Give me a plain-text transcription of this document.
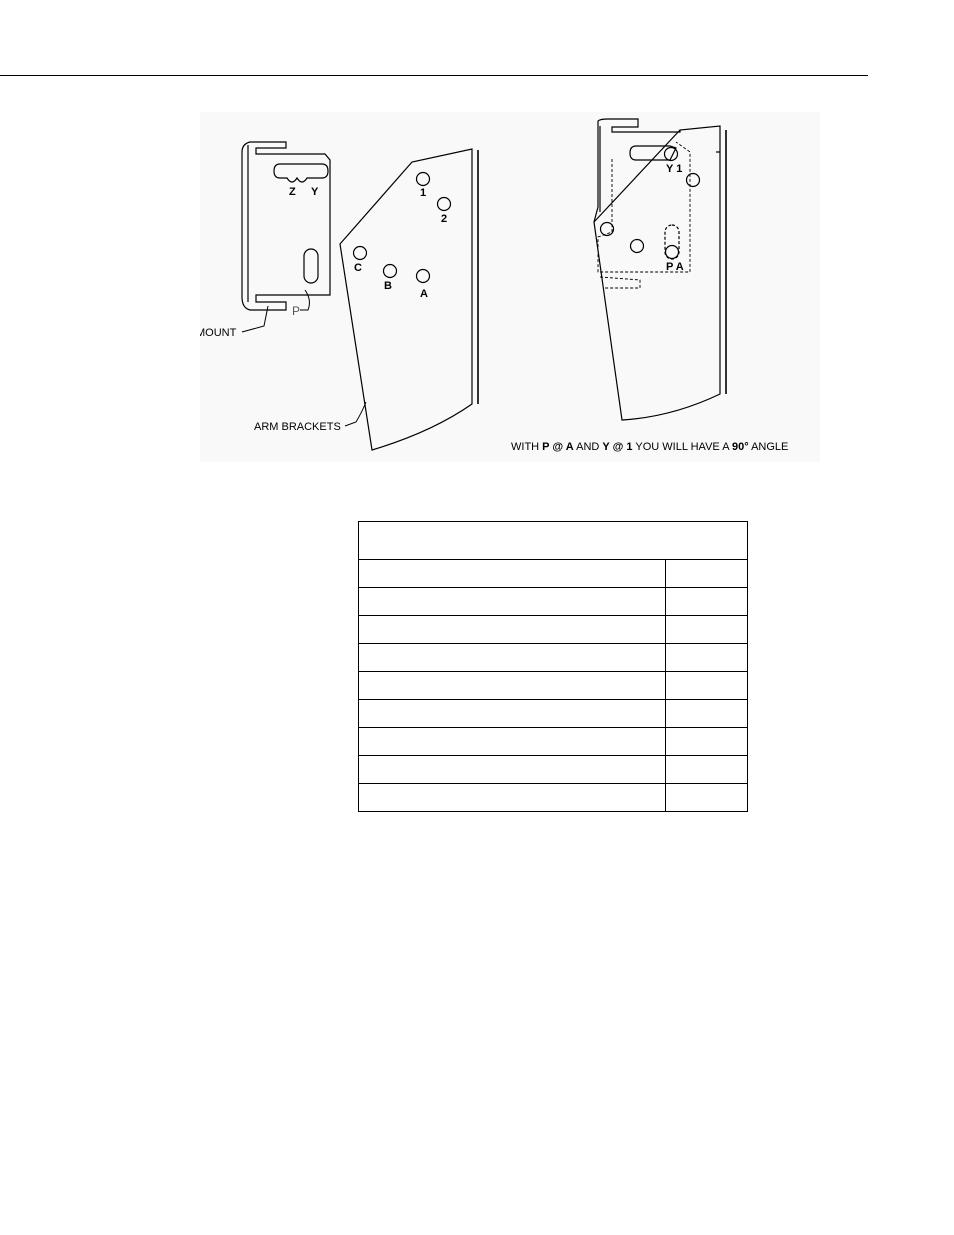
Z Y
P
MOUNT
ARM BRACKETS
1
2
C
B
A
Y 1
P A
WITH P @ A AND Y @ 1 YOU WILL HAVE A 90° ANGLE
